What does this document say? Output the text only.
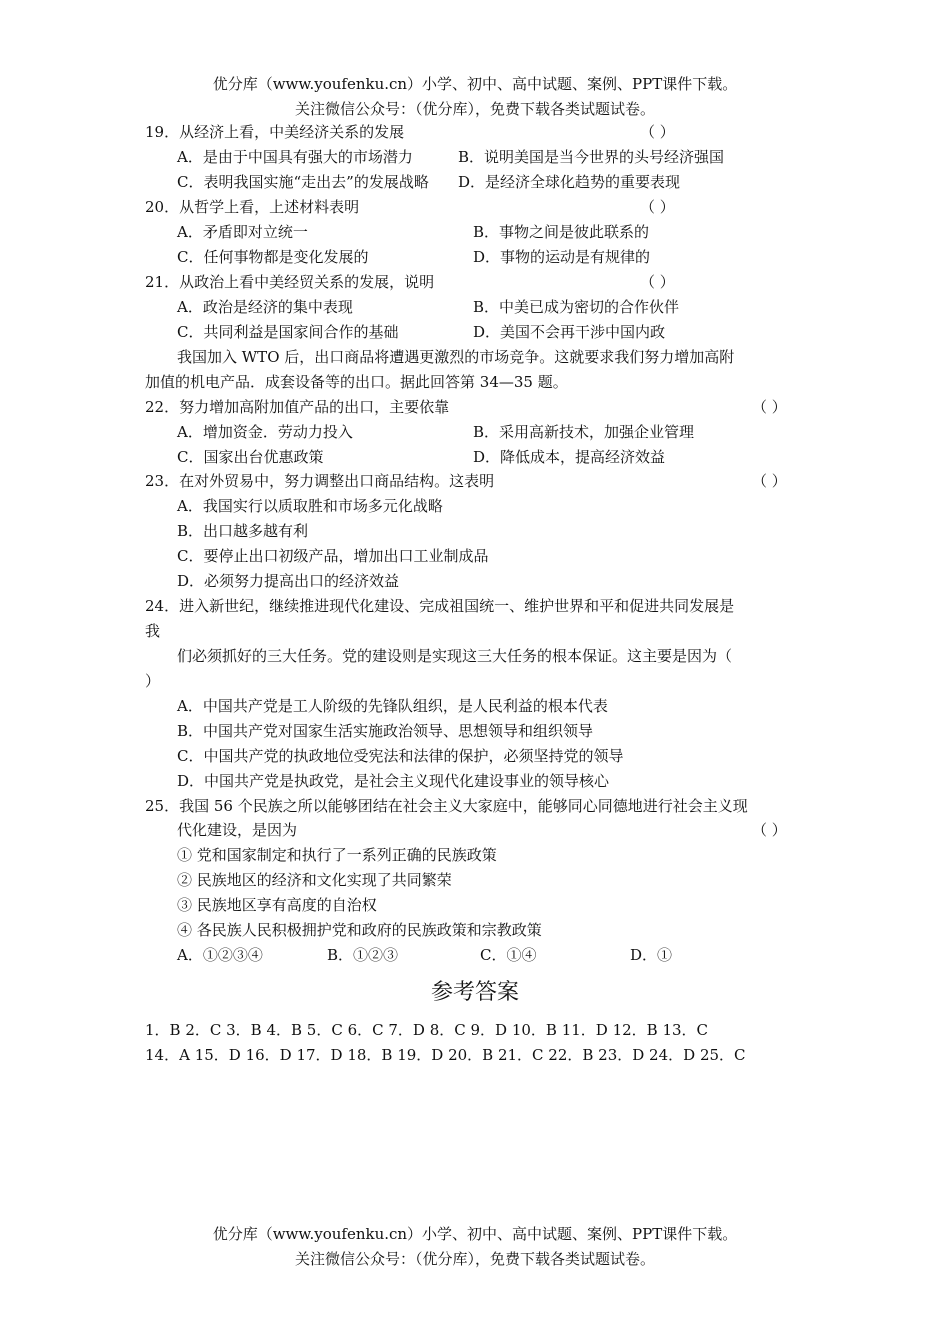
优分库（www.youfenku.cn）小学、初中、高中试题、案例、PPT课件下载。
关注微信公众号：（优分库），免费下载各类试题试卷。
19．从经济上看，中美经济关系的发展	（ ）
A．是由于中国具有强大的市场潜力	B．说明美国是当今世界的头号经济强国
C．表明我国实施“走出去”的发展战略 D．是经济全球化趋势的重要表现
20．从哲学上看，上述材料表明	（ ）
A．矛盾即对立统一	B．事物之间是彼此联系的
C．任何事物都是变化发展的	D．事物的运动是有规律的
21．从政治上看中美经贸关系的发展，说明	（ ）
A．政治是经济的集中表现	B．中美已成为密切的合作伙伴
C．共同利益是国家间合作的基础	D．美国不会再干涉中国内政
我国加入 WTO 后，出口商品将遭遇更激烈的市场竞争。这就要求我们努力增加高附
加值的机电产品．成套设备等的出口。据此回答第 34—35 题。
22．努力增加高附加值产品的出口，主要依靠	（ ）
A．增加资金．劳动力投入	B．采用高新技术，加强企业管理
C．国家出台优惠政策	D．降低成本，提高经济效益
23．在对外贸易中，努力调整出口商品结构。这表明	（ ）
A．我国实行以质取胜和市场多元化战略
B．出口越多越有利
C．要停止出口初级产品，增加出口工业制成品
D．必须努力提高出口的经济效益
24．进入新世纪，继续推进现代化建设、完成祖国统一、维护世界和平和促进共同发展是
我
们必须抓好的三大任务。党的建设则是实现这三大任务的根本保证。这主要是因为（
）
A．中国共产党是工人阶级的先锋队组织，是人民利益的根本代表
B．中国共产党对国家生活实施政治领导、思想领导和组织领导
C．中国共产党的执政地位受宪法和法律的保护，必须坚持党的领导
D．中国共产党是执政党，是社会主义现代化建设事业的领导核心
25．我国 56 个民族之所以能够团结在社会主义大家庭中，能够同心同德地进行社会主义现
代化建设，是因为	（ ）
① 党和国家制定和执行了一系列正确的民族政策
② 民族地区的经济和文化实现了共同繁荣
③ 民族地区享有高度的自治权
④ 各民族人民积极拥护党和政府的民族政策和宗教政策
A．①②③④	B．①②③	C．①④	D．①
参考答案
1．B 2．C 3．B 4．B 5．C 6．C 7．D 8．C 9．D 10．B 11．D 12．B 13．C
14．A 15．D 16．D 17．D 18．B 19．D 20．B 21．C 22．B 23．D 24．D 25．C
优分库（www.youfenku.cn）小学、初中、高中试题、案例、PPT课件下载。
关注微信公众号：（优分库），免费下载各类试题试卷。
